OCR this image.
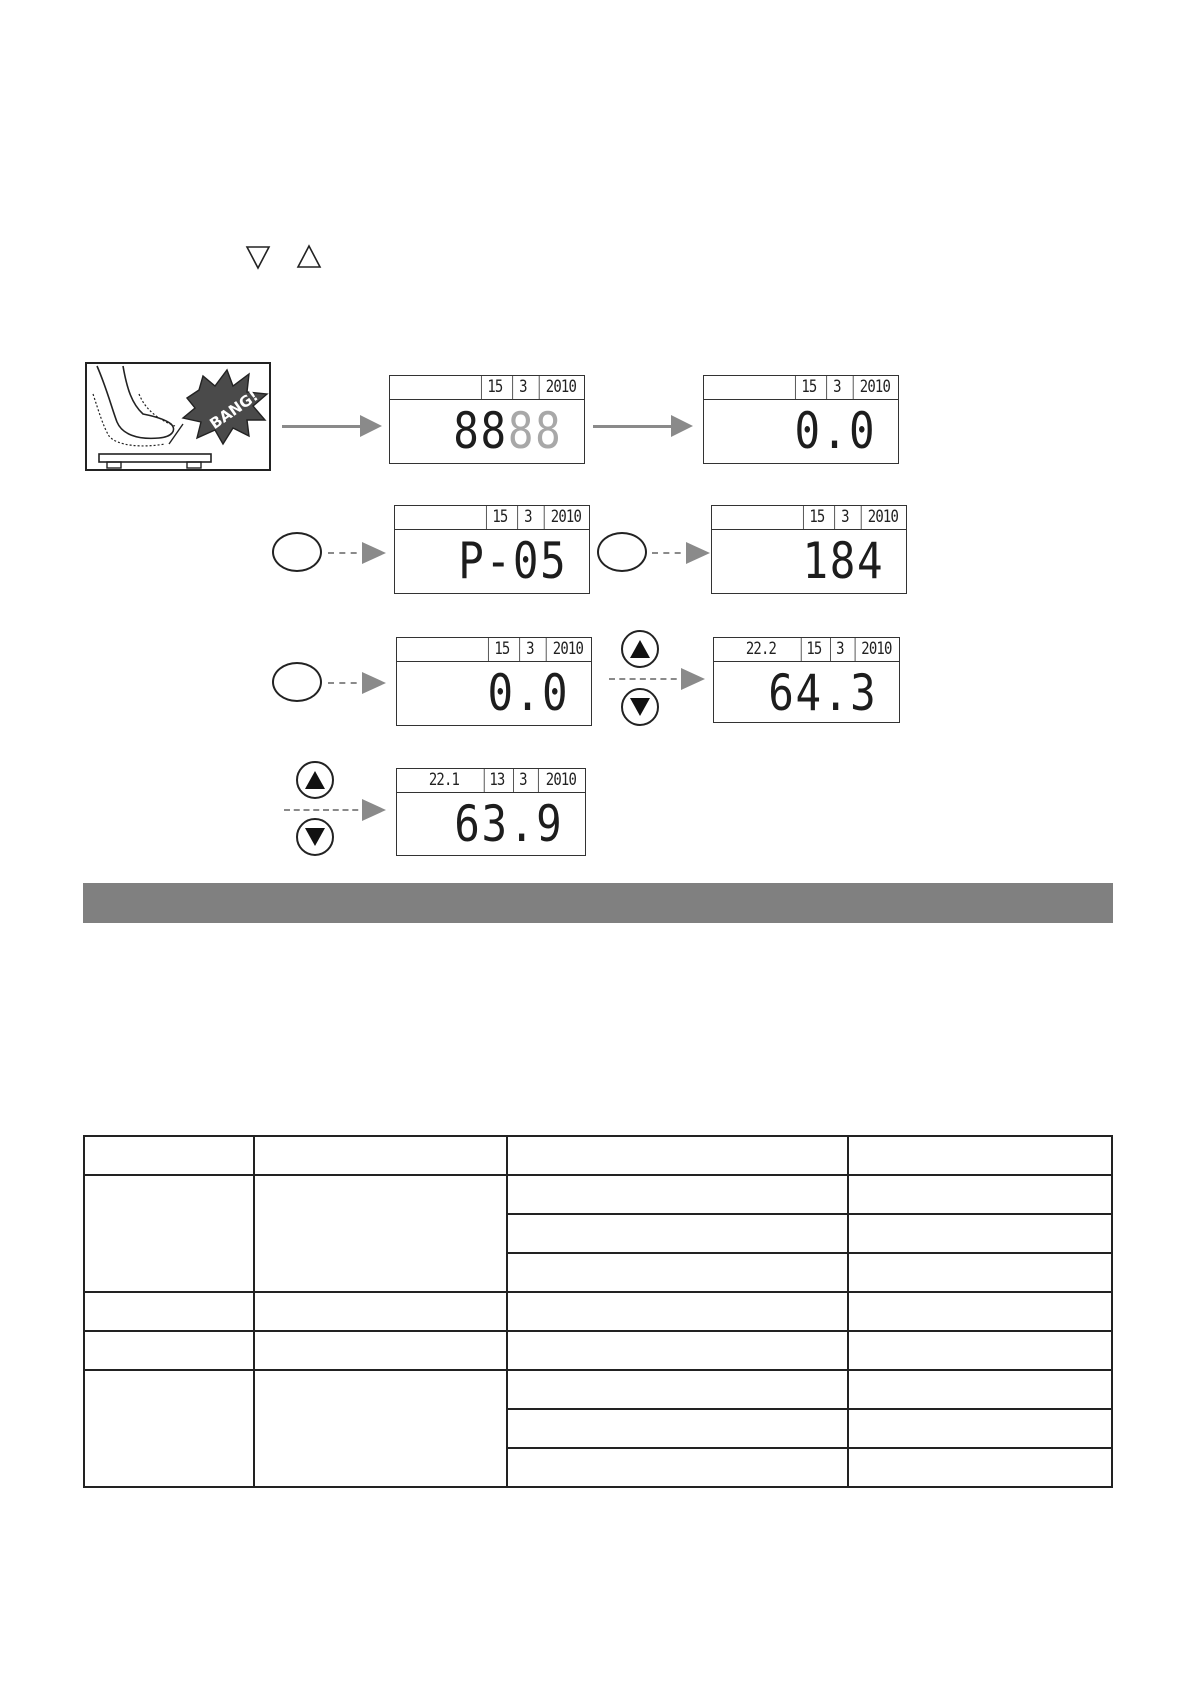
BANG!	15 3	2010
8888
15 3	2010
0.0
15 3	2010
P-05
15 3	2010
184
15 3	2010
0.0
22.2	15 3	2010
64.3
22.1	13 3	2010
63.9
